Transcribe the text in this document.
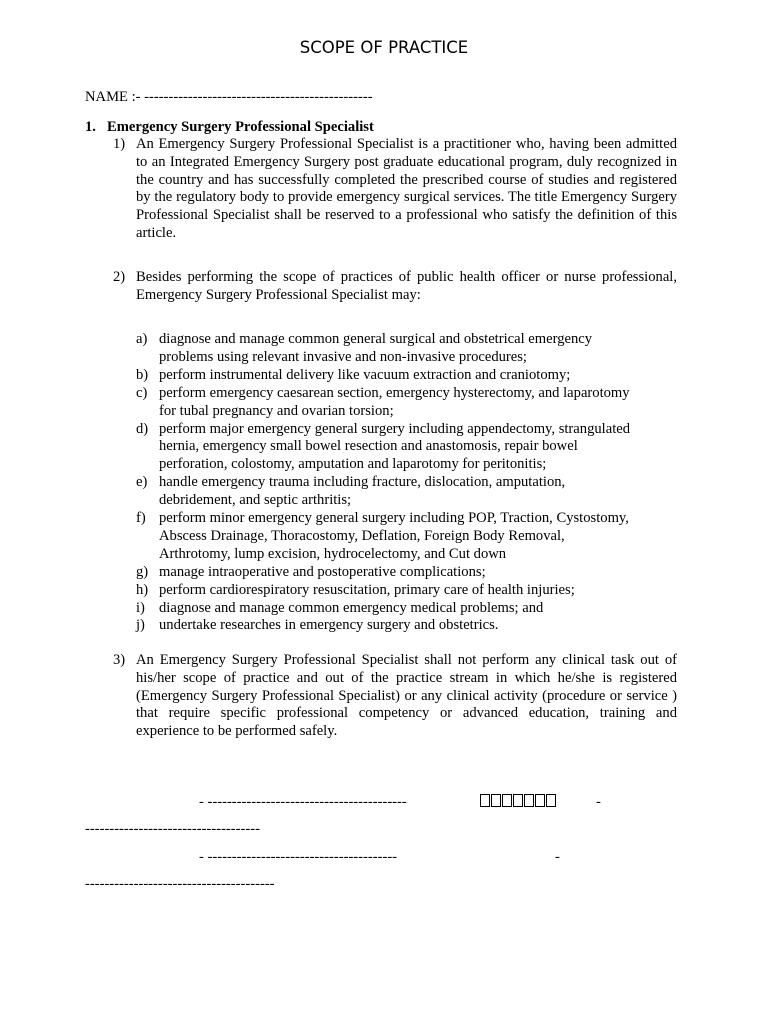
SCOPE OF PRACTICE
NAME :- -----------------------------------------------
1. Emergency Surgery Professional Specialist
1) An Emergency Surgery Professional Specialist is a practitioner who, having been admitted to an Integrated Emergency Surgery post graduate educational program, duly recognized in the country and has successfully completed the prescribed course of studies and registered by the regulatory body to provide emergency surgical services. The title Emergency Surgery Professional Specialist shall be reserved to a professional who satisfy the definition of this article.
2) Besides performing the scope of practices of public health officer or nurse professional, Emergency Surgery Professional Specialist may:
a) diagnose and manage common general surgical and obstetrical emergency
problems using relevant invasive and non-invasive procedures;
b) perform instrumental delivery like vacuum extraction and craniotomy;
c) perform emergency caesarean section, emergency hysterectomy, and laparotomy
for tubal pregnancy and ovarian torsion;
d) perform major emergency general surgery including appendectomy, strangulated
hernia, emergency small bowel resection and anastomosis, repair bowel
perforation, colostomy, amputation and laparotomy for peritonitis;
e) handle emergency trauma including fracture, dislocation, amputation,
debridement, and septic arthritis;
f) perform minor emergency general surgery including POP, Traction, Cystostomy,
Abscess Drainage, Thoracostomy, Deflation, Foreign Body Removal,
Arthrotomy, lump excision, hydrocelectomy, and Cut down
g) manage intraoperative and postoperative complications;
h) perform cardiorespiratory resuscitation, primary care of health injuries;
i) diagnose and manage common emergency medical problems; and
j) undertake researches in emergency surgery and obstetrics.
3) An Emergency Surgery Professional Specialist shall not perform any clinical task out of his/her scope of practice and out of the practice stream in which he/she is registered (Emergency Surgery Professional Specialist) or any clinical activity (procedure or service ) that require specific professional competency or advanced education, training and experience to be performed safely.
- -----------------------------------------	-
------------------------------------
- ---------------------------------------	-
---------------------------------------
